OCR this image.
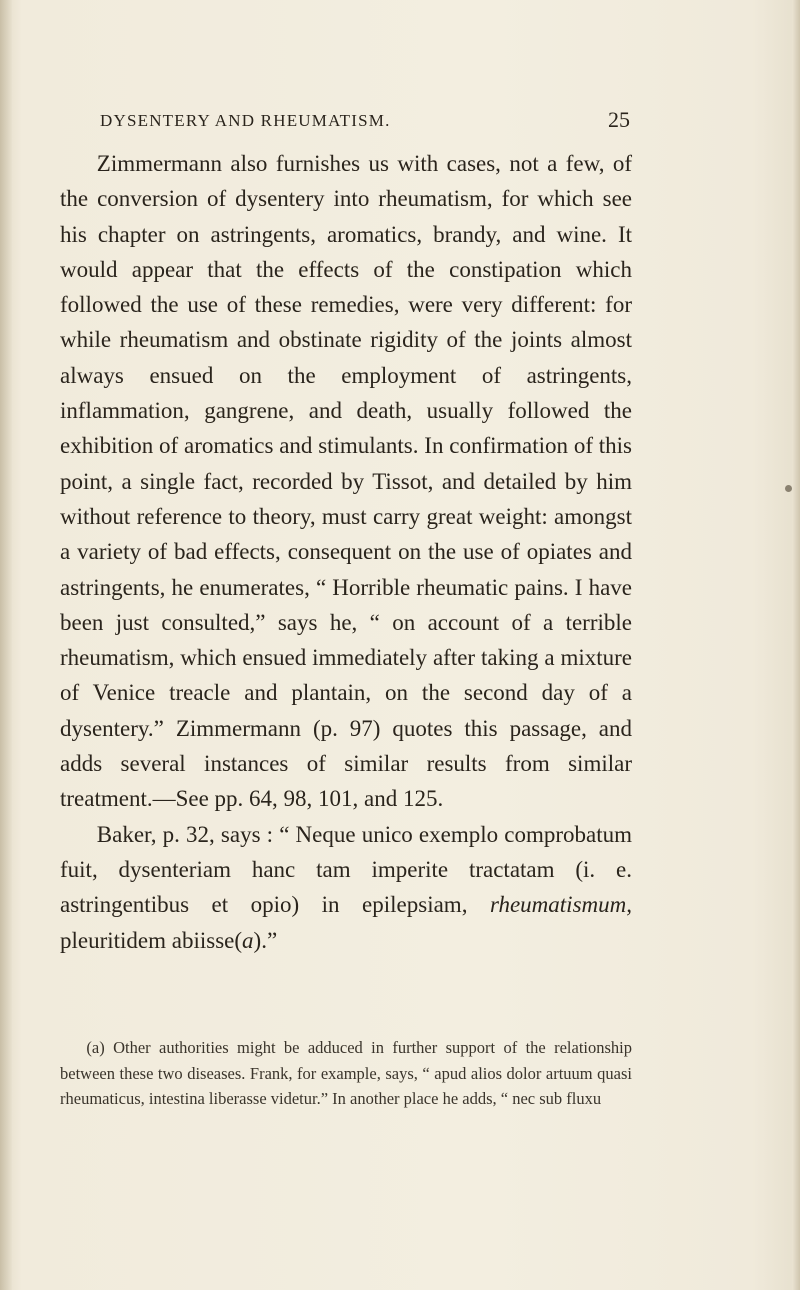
DYSENTERY AND RHEUMATISM.	25

Zimmermann also furnishes us with cases, not a few, of the conversion of dysentery into rheumatism, for which see his chapter on astringents, aromatics, brandy, and wine. It would appear that the effects of the constipation which followed the use of these remedies, were very different: for while rheumatism and obstinate rigidity of the joints almost always ensued on the employment of astringents, inflammation, gangrene, and death, usually followed the exhibition of aromatics and stimulants. In confirmation of this point, a single fact, recorded by Tissot, and detailed by him without reference to theory, must carry great weight: amongst a variety of bad effects, consequent on the use of opiates and astringents, he enumerates, “ Horrible rheumatic pains. I have been just consulted,” says he, “ on account of a terrible rheumatism, which ensued immediately after taking a mixture of Venice treacle and plantain, on the second day of a dysentery.” Zimmermann (p. 97) quotes this passage, and adds several instances of similar results from similar treatment.—See pp. 64, 98, 101, and 125.

Baker, p. 32, says : “ Neque unico exemplo comprobatum fuit, dysenteriam hanc tam imperite tractatam (i. e. astringentibus et opio) in epilepsiam, rheumatismum, pleuritidem abiisse(a).”

(a) Other authorities might be adduced in further support of the relationship between these two diseases. Frank, for example, says, “ apud alios dolor artuum quasi rheumaticus, intestina liberasse videtur.” In another place he adds, “ nec sub fluxu
